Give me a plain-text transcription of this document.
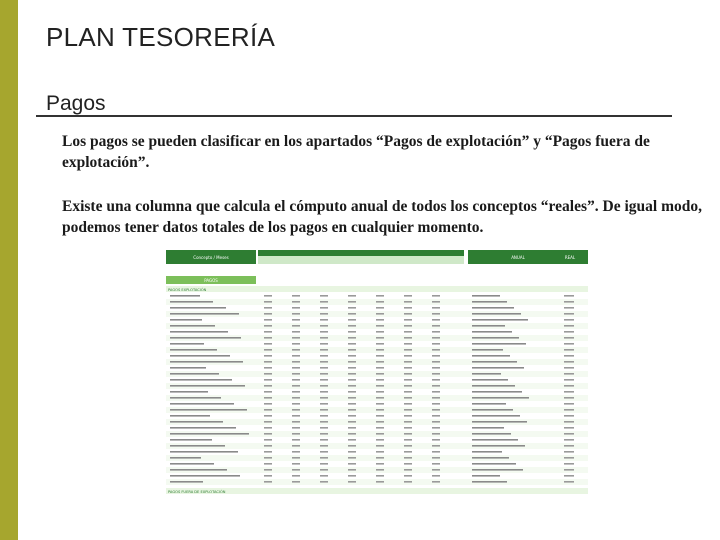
PLAN TESORERÍA
Pagos
Los pagos se pueden clasificar en los apartados “Pagos de explotación” y “Pagos fuera de explotación”.
Existe una columna que calcula el cómputo anual de todos los conceptos “reales”. De igual modo, podemos tener datos totales de los pagos en cualquier momento.
Concepto / Meses	ANUAL	REAL
PAGOS
PAGOS EXPLOTACIÓN
PAGOS FUERA DE EXPLOTACIÓN
